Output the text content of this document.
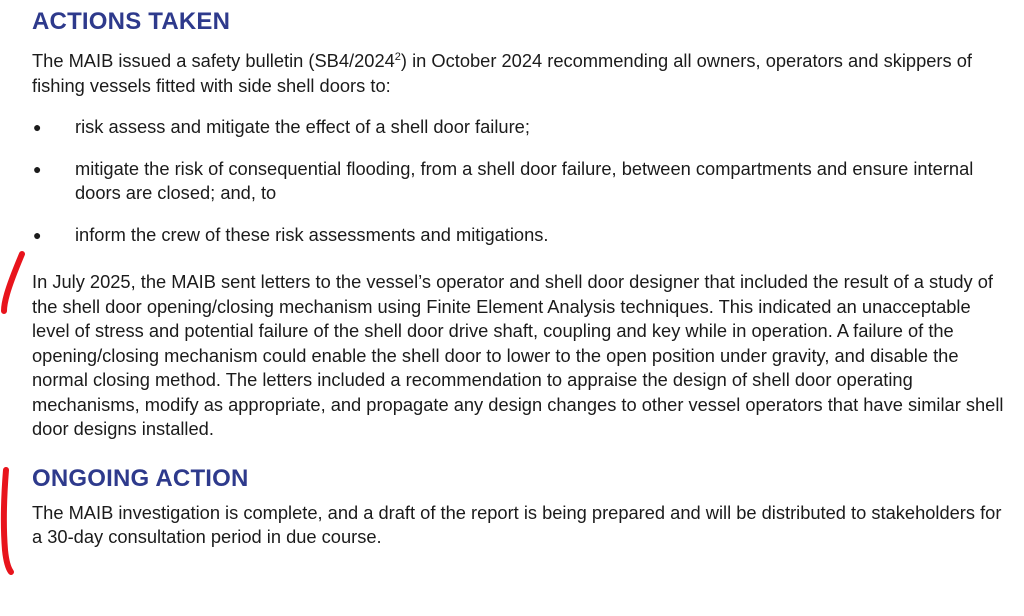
ACTIONS TAKEN

The MAIB issued a safety bulletin (SB4/2024$^2$) in October 2024 recommending all owners, operators and skippers of fishing vessels fitted with side shell doors to:

● risk assess and mitigate the effect of a shell door failure;
● mitigate the risk of consequential flooding, from a shell door failure, between compartments and ensure internal doors are closed; and, to
● inform the crew of these risk assessments and mitigations.

In July 2025, the MAIB sent letters to the vessel’s operator and shell door designer that included the result of a study of the shell door opening/closing mechanism using Finite Element Analysis techniques. This indicated an unacceptable level of stress and potential failure of the shell door drive shaft, coupling and key while in operation. A failure of the opening/closing mechanism could enable the shell door to lower to the open position under gravity, and disable the normal closing method. The letters included a recommendation to appraise the design of shell door operating mechanisms, modify as appropriate, and propagate any design changes to other vessel operators that have similar shell door designs installed.

ONGOING ACTION

The MAIB investigation is complete, and a draft of the report is being prepared and will be distributed to stakeholders for a 30-day consultation period in due course.
